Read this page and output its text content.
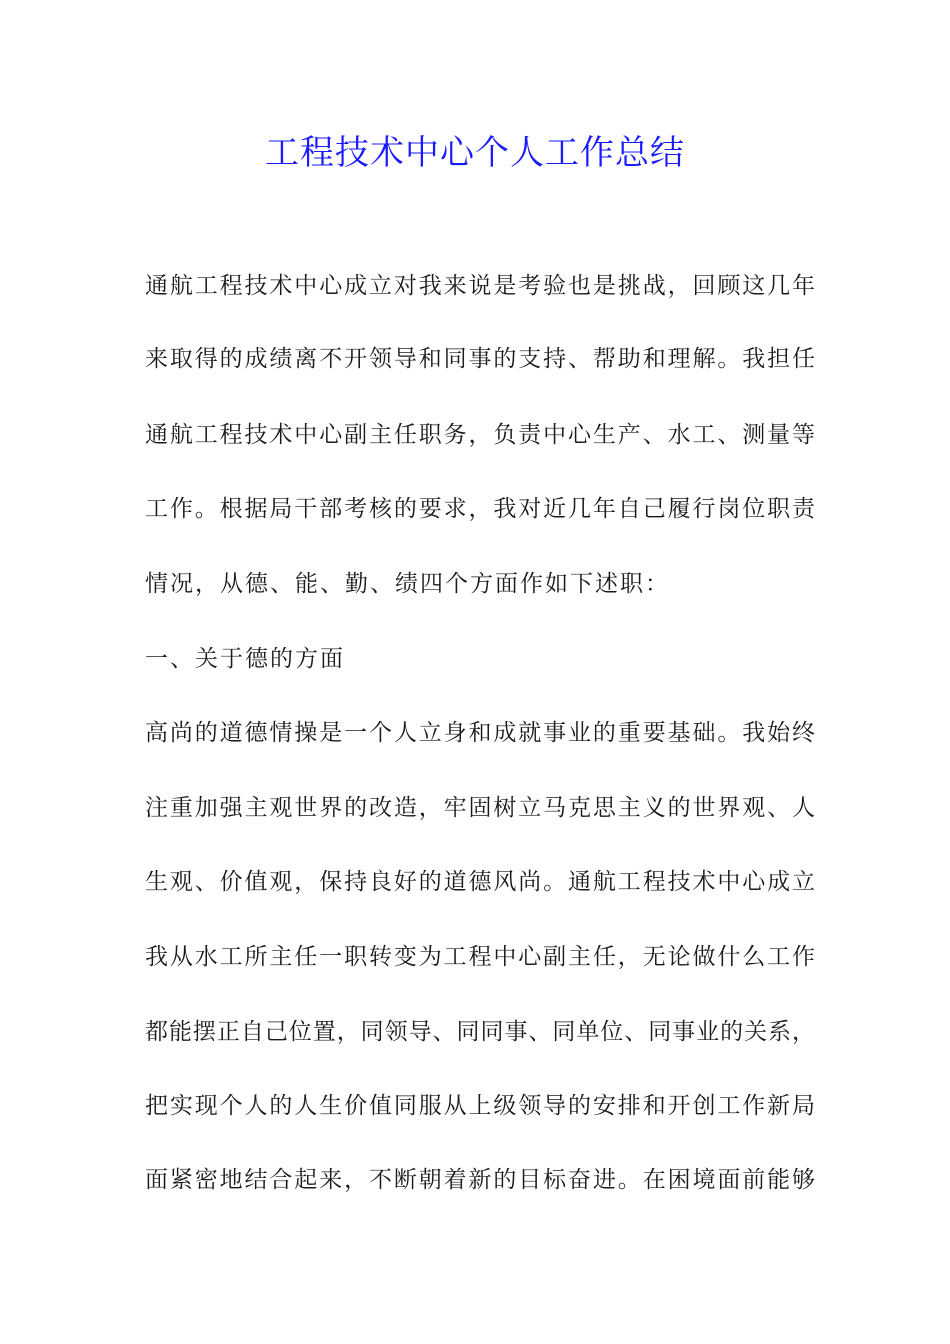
工程技术中心个人工作总结
通航工程技术中心成立对我来说是考验也是挑战，回顾这几年
来取得的成绩离不开领导和同事的支持、帮助和理解。我担任
通航工程技术中心副主任职务，负责中心生产、水工、测量等
工作。根据局干部考核的要求，我对近几年自己履行岗位职责
情况，从德、能、勤、绩四个方面作如下述职：
一、关于德的方面
高尚的道德情操是一个人立身和成就事业的重要基础。我始终
注重加强主观世界的改造，牢固树立马克思主义的世界观、人
生观、价值观，保持良好的道德风尚。通航工程技术中心成立
我从水工所主任一职转变为工程中心副主任，无论做什么工作
都能摆正自己位置，同领导、同同事、同单位、同事业的关系，
把实现个人的人生价值同服从上级领导的安排和开创工作新局
面紧密地结合起来，不断朝着新的目标奋进。在困境面前能够
